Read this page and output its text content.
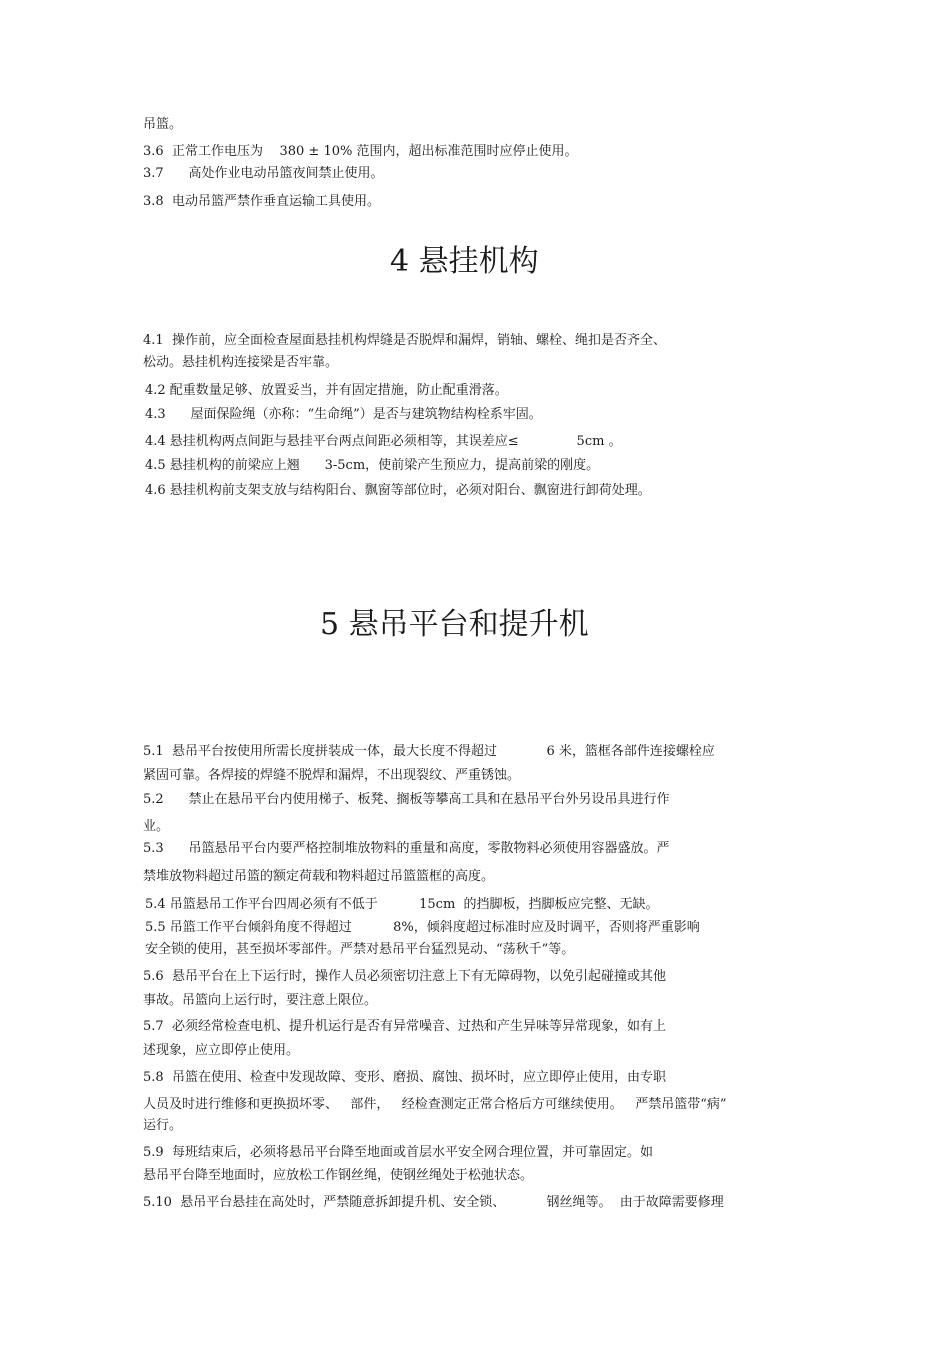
吊篮。
3.6  正常工作电压为    380 ± 10% 范围内，超出标准范围时应停止使用。
3.7      高处作业电动吊篮夜间禁止使用。
3.8  电动吊篮严禁作垂直运输工具使用。
4 悬挂机构
4.1  操作前，应全面检查屋面悬挂机构焊缝是否脱焊和漏焊，销轴、螺栓、绳扣是否齐全、
松动。悬挂机构连接梁是否牢靠。
4.2 配重数量足够、放置妥当，并有固定措施，防止配重滑落。
4.3      屋面保险绳（亦称：“生命绳”）是否与建筑物结构栓系牢固。
4.4 悬挂机构两点间距与悬挂平台两点间距必须相等，其误差应≤              5cm 。
4.5 悬挂机构的前梁应上翘      3-5cm，使前梁产生预应力，提高前梁的刚度。
4.6 悬挂机构前支架支放与结构阳台、飘窗等部位时，必须对阳台、飘窗进行卸荷处理。
5 悬吊平台和提升机
5.1  悬吊平台按使用所需长度拼装成一体，最大长度不得超过            6 米，篮框各部件连接螺栓应
紧固可靠。各焊接的焊缝不脱焊和漏焊，不出现裂纹、严重锈蚀。
5.2      禁止在悬吊平台内使用梯子、板凳、搁板等攀高工具和在悬吊平台外另设吊具进行作
业。
5.3      吊篮悬吊平台内要严格控制堆放物料的重量和高度，零散物料必须使用容器盛放。严
禁堆放物料超过吊篮的额定荷载和物料超过吊篮篮框的高度。
5.4 吊篮悬吊工作平台四周必须有不低于          15cm  的挡脚板，挡脚板应完整、无缺。
5.5 吊篮工作平台倾斜角度不得超过          8%，倾斜度超过标准时应及时调平，否则将严重影响
安全锁的使用，甚至损坏零部件。严禁对悬吊平台猛烈晃动、“荡秋千”等。
5.6  悬吊平台在上下运行时，操作人员必须密切注意上下有无障碍物，以免引起碰撞或其他
事故。吊篮向上运行时，要注意上限位。
5.7  必须经常检查电机、提升机运行是否有异常噪音、过热和产生异味等异常现象，如有上
述现象，应立即停止使用。
5.8  吊篮在使用、检查中发现故障、变形、磨损、腐蚀、损坏时，应立即停止使用，由专职
人员及时进行维修和更换损坏零、   部件，   经检查测定正常合格后方可继续使用。   严禁吊篮带“病”
运行。
5.9  每班结束后，必须将悬吊平台降至地面或首层水平安全网合理位置，并可靠固定。如
悬吊平台降至地面时，应放松工作钢丝绳，使钢丝绳处于松弛状态。
5.10  悬吊平台悬挂在高处时，严禁随意拆卸提升机、安全锁、          钢丝绳等。  由于故障需要修理
